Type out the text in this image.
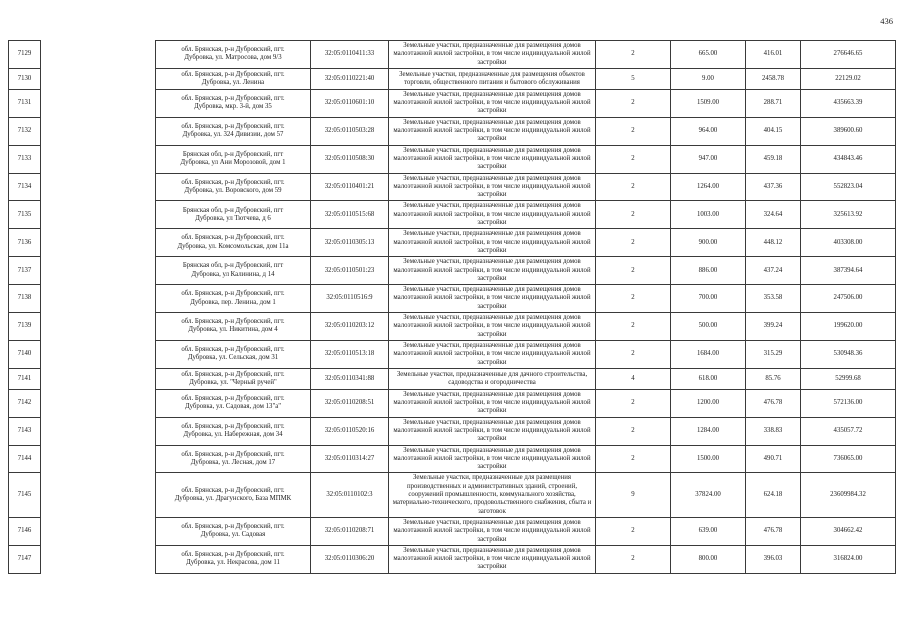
436
7129		обл. Брянская, р-н Дубровский, пгт. Дубровка, ул. Матросова, дом 9/3	32:05:0110411:33	Земельные участки, предназначенные для размещения домов малоэтажной жилой застройки, в том числе индивидуальной жилой застройки	2	665.00	416.01	276646.65
7130		обл. Брянская, р-н Дубровский, пгт. Дубровка, ул. Ленина	32:05:0110221:40	Земельные участки, предназначенные для размещения объектов торговли, общественного питания и бытового обслуживания	5	9.00	2458.78	22129.02
7131		обл. Брянская, р-н Дубровский, пгт. Дубровка, мкр. 3-й, дом 35	32:05:0110601:10	Земельные участки, предназначенные для размещения домов малоэтажной жилой застройки, в том числе индивидуальной жилой застройки	2	1509.00	288.71	435663.39
7132		обл. Брянская, р-н Дубровский, пгт. Дубровка, ул. 324 Дивизии, дом 57	32:05:0110503:28	Земельные участки, предназначенные для размещения домов малоэтажной жилой застройки, в том числе индивидуальной жилой застройки	2	964.00	404.15	389600.60
7133		Брянская обл, р-н Дубровский, пгт Дубровка, ул Ани Морозовой, дом 1	32:05:0110508:30	Земельные участки, предназначенные для размещения домов малоэтажной жилой застройки, в том числе индивидуальной жилой застройки	2	947.00	459.18	434843.46
7134		обл. Брянская, р-н Дубровский, пгт. Дубровка, ул. Воровского, дом 59	32:05:0110401:21	Земельные участки, предназначенные для размещения домов малоэтажной жилой застройки, в том числе индивидуальной жилой застройки	2	1264.00	437.36	552823.04
7135		Брянская обл, р-н Дубровский, пгт Дубровка, ул Тютчева, д 6	32:05:0110515:68	Земельные участки, предназначенные для размещения домов малоэтажной жилой застройки, в том числе индивидуальной жилой застройки	2	1003.00	324.64	325613.92
7136		обл. Брянская, р-н Дубровский, пгт. Дубровка, ул. Комсомольская, дом 11а	32:05:0110305:13	Земельные участки, предназначенные для размещения домов малоэтажной жилой застройки, в том числе индивидуальной жилой застройки	2	900.00	448.12	403308.00
7137		Брянская обл, р-н Дубровский, пгт Дубровка, ул Калинина, д 14	32:05:0110501:23	Земельные участки, предназначенные для размещения домов малоэтажной жилой застройки, в том числе индивидуальной жилой застройки	2	886.00	437.24	387394.64
7138		обл. Брянская, р-н Дубровский, пгт. Дубровка, пер. Ленина, дом 1	32:05:0110516:9	Земельные участки, предназначенные для размещения домов малоэтажной жилой застройки, в том числе индивидуальной жилой застройки	2	700.00	353.58	247506.00
7139		обл. Брянская, р-н Дубровский, пгт. Дубровка, ул. Никитина, дом 4	32:05:0110203:12	Земельные участки, предназначенные для размещения домов малоэтажной жилой застройки, в том числе индивидуальной жилой застройки	2	500.00	399.24	199620.00
7140		обл. Брянская, р-н Дубровский, пгт. Дубровка, ул. Сельская, дом 31	32:05:0110513:18	Земельные участки, предназначенные для размещения домов малоэтажной жилой застройки, в том числе индивидуальной жилой застройки	2	1684.00	315.29	530948.36
7141		обл. Брянская, р-н Дубровский, пгт. Дубровка, ул. "Черный ручей"	32:05:0110341:88	Земельные участки, предназначенные для дачного строительства, садоводства и огородничества	4	618.00	85.76	52999.68
7142		обл. Брянская, р-н Дубровский, пгт. Дубровка, ул. Садовая, дом 13"а"	32:05:0110208:51	Земельные участки, предназначенные для размещения домов малоэтажной жилой застройки, в том числе индивидуальной жилой застройки	2	1200.00	476.78	572136.00
7143		обл. Брянская, р-н Дубровский, пгт. Дубровка, ул. Набережная, дом 34	32:05:0110520:16	Земельные участки, предназначенные для размещения домов малоэтажной жилой застройки, в том числе индивидуальной жилой застройки	2	1284.00	338.83	435057.72
7144		обл. Брянская, р-н Дубровский, пгт. Дубровка, ул. Лесная, дом 17	32:05:0110314:27	Земельные участки, предназначенные для размещения домов малоэтажной жилой застройки, в том числе индивидуальной жилой застройки	2	1500.00	490.71	736065.00
7145		обл. Брянская, р-н Дубровский, пгт. Дубровка, ул. Драгунского, База МПМК	32:05:0110102:3	Земельные участки, предназначенные для размещения производственных и административных зданий, строений, сооружений промышленности, коммунального хозяйства, материально-технического, продовольственного снабжения, сбыта и заготовок	9	37824.00	624.18	23609984.32
7146		обл. Брянская, р-н Дубровский, пгт. Дубровка, ул. Садовая	32:05:0110208:71	Земельные участки, предназначенные для размещения домов малоэтажной жилой застройки, в том числе индивидуальной жилой застройки	2	639.00	476.78	304662.42
7147		обл. Брянская, р-н Дубровский, пгт. Дубровка, ул. Некрасова, дом 11	32:05:0110306:20	Земельные участки, предназначенные для размещения домов малоэтажной жилой застройки, в том числе индивидуальной жилой застройки	2	800.00	396.03	316824.00
